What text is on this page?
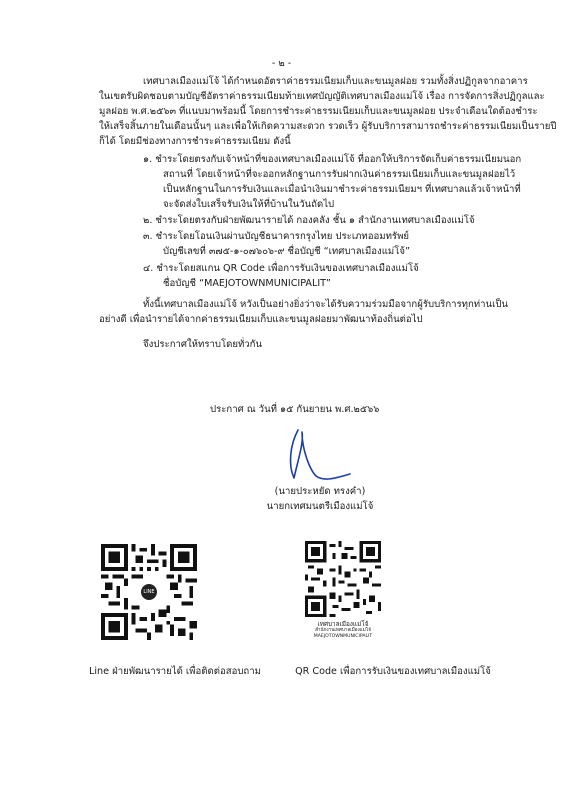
- ๒ -
เทศบาลเมืองแม่โจ้ ได้กำหนดอัตราค่าธรรมเนียมเก็บและขนมูลฝอย รวมทั้งสิ่งปฏิกูลจากอาคาร
ในเขตรับผิดชอบตามบัญชีอัตราค่าธรรมเนียมท้ายเทศบัญญัติเทศบาลเมืองแม่โจ้ เรื่อง การจัดการสิ่งปฏิกูลและ
มูลฝอย พ.ศ.๒๕๖๓ ที่แนบมาพร้อมนี้ โดยการชำระค่าธรรมเนียมเก็บและขนมูลฝอย ประจำเดือนใดต้องชำระ
ให้เสร็จสิ้นภายในเดือนนั้นๆ และเพื่อให้เกิดความสะดวก รวดเร็ว ผู้รับบริการสามารถชำระค่าธรรมเนียมเป็นรายปี
ก็ได้ โดยมีช่องทางการชำระค่าธรรมเนียม ดังนี้
๑. ชำระโดยตรงกับเจ้าหน้าที่ของเทศบาลเมืองแม่โจ้ ที่ออกให้บริการจัดเก็บค่าธรรมเนียมนอก
สถานที่ โดยเจ้าหน้าที่จะออกหลักฐานการรับฝากเงินค่าธรรมเนียมเก็บและขนมูลฝอยไว้
เป็นหลักฐานในการรับเงินและเมื่อนำเงินมาชำระค่าธรรมเนียมฯ ที่เทศบาลแล้วเจ้าหน้าที่
จะจัดส่งใบเสร็จรับเงินให้ที่บ้านในวันถัดไป
๒. ชำระโดยตรงกับฝ่ายพัฒนารายได้ กองคลัง ชั้น ๑ สำนักงานเทศบาลเมืองแม่โจ้
๓. ชำระโดยโอนเงินผ่านบัญชีธนาคารกรุงไทย ประเภทออมทรัพย์
บัญชีเลขที่ ๓๗๕-๑-๐๗๖๐๖-๙ ชื่อบัญชี “เทศบาลเมืองแม่โจ้”
๔. ชำระโดยสแกน QR Code เพื่อการรับเงินของเทศบาลเมืองแม่โจ้
ชื่อบัญชี “MAEJOTOWNMUNICIPALIT”
ทั้งนี้เทศบาลเมืองแม่โจ้ หวังเป็นอย่างยิ่งว่าจะได้รับความร่วมมือจากผู้รับบริการทุกท่านเป็น
อย่างดี เพื่อนำรายได้จากค่าธรรมเนียมเก็บและขนมูลฝอยมาพัฒนาท้องถิ่นต่อไป
จึงประกาศให้ทราบโดยทั่วกัน
ประกาศ ณ วันที่ ๑๕ กันยายน พ.ศ.๒๕๖๖
(นายประหยัด ทรงคำ)
นายกเทศมนตรีเมืองแม่โจ้
LINE
เทศบาลเมืองแม่โจ้
สำนักงานเทศบาลเมืองแม่โจ้
MAEJOTOWNMUNICIPALIT
Line ฝ่ายพัฒนารายได้ เพื่อติดต่อสอบถาม	QR Code เพื่อการรับเงินของเทศบาลเมืองแม่โจ้
